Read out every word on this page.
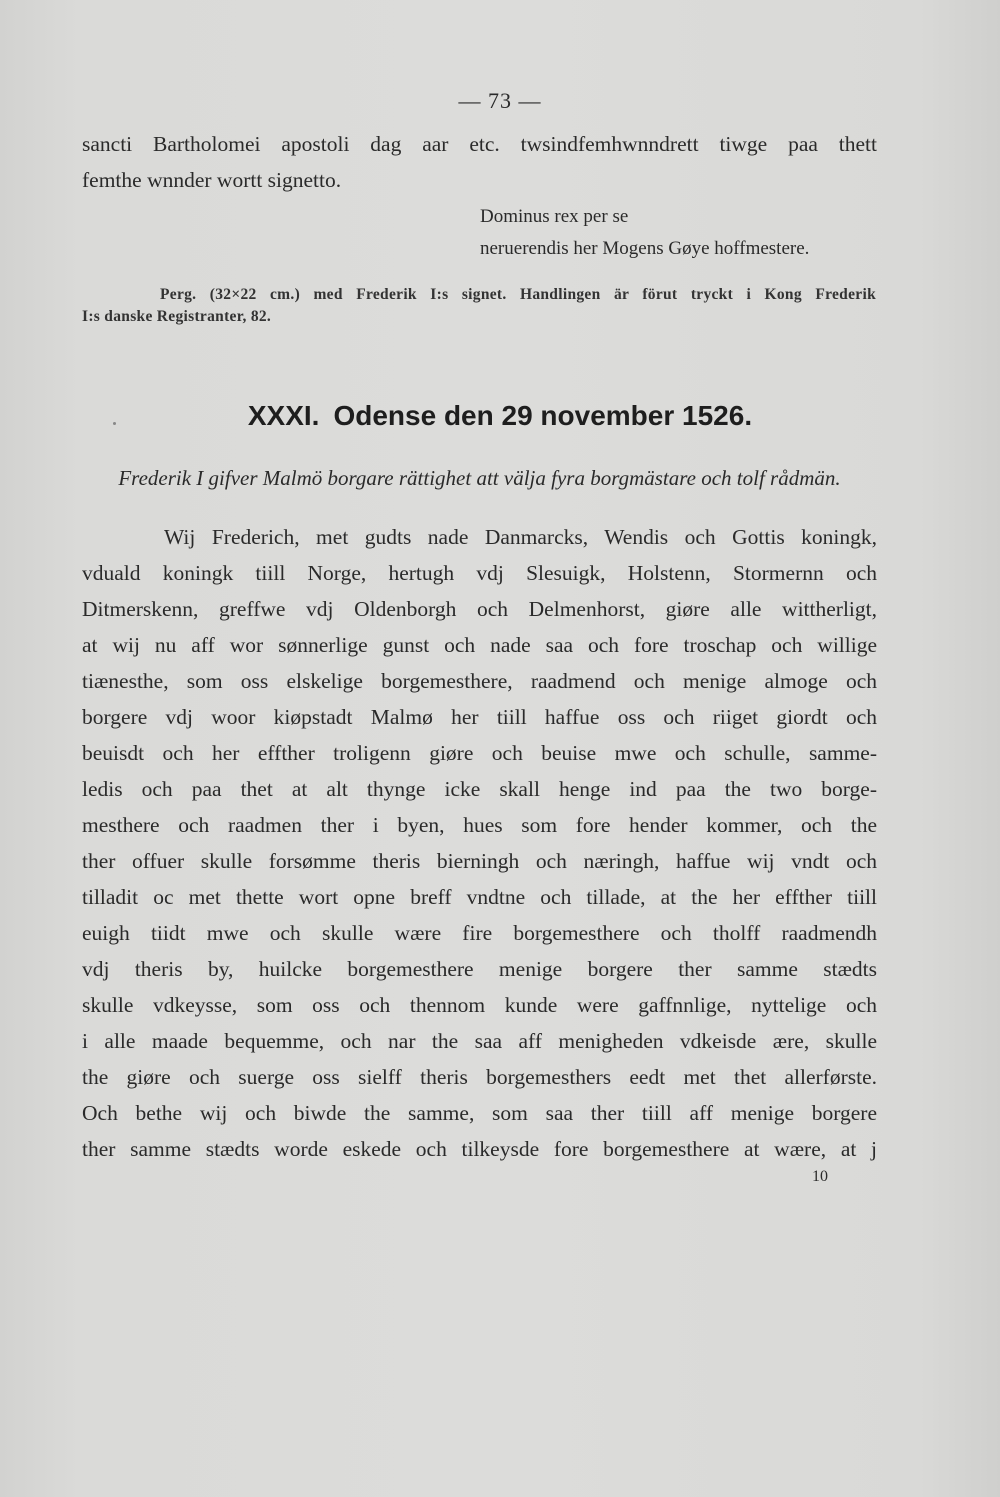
— 73 —
sancti Bartholomei apostoli dag aar etc. twsindfemhwnndrett tiwge paa thett
femthe wnnder wortt signetto.
Dominus rex per se
neruerendis her Mogens Gøye hoffmestere.
Perg. (32×22 cm.) med Frederik I:s signet. Handlingen är förut tryckt i Kong Frederik
I:s danske Registranter, 82.
XXXI. Odense den 29 november 1526.
Frederik I gifver Malmö borgare rättighet att välja fyra borgmästare och tolf rådmän.
Wij Frederich, met gudts nade Danmarcks, Wendis och Gottis koningk,
vduald koningk tiill Norge, hertugh vdj Slesuigk, Holstenn, Stormernn och
Ditmerskenn, greffwe vdj Oldenborgh och Delmenhorst, giøre alle wittherligt,
at wij nu aff wor sønnerlige gunst och nade saa och fore troschap och willige
tiænesthe, som oss elskelige borgemesthere, raadmend och menige almoge och
borgere vdj woor kiøpstadt Malmø her tiill haffue oss och riiget giordt och
beuisdt och her effther troligenn giøre och beuise mwe och schulle, samme-
ledis och paa thet at alt thynge icke skall henge ind paa the two borge-
mesthere och raadmen ther i byen, hues som fore hender kommer, och the
ther offuer skulle forsømme theris bierningh och næringh, haffue wij vndt och
tilladit oc met thette wort opne breff vndtne och tillade, at the her effther tiill
euigh tiidt mwe och skulle wære fire borgemesthere och tholff raadmendh
vdj theris by, huilcke borgemesthere menige borgere ther samme stædts
skulle vdkeysse, som oss och thennom kunde were gaffnnlige, nyttelige och
i alle maade bequemme, och nar the saa aff menigheden vdkeisde ære, skulle
the giøre och suerge oss sielff theris borgemesthers eedt met thet allerførste.
Och bethe wij och biwde the samme, som saa ther tiill aff menige borgere
ther samme stædts worde eskede och tilkeysde fore borgemesthere at wære, at j
10
